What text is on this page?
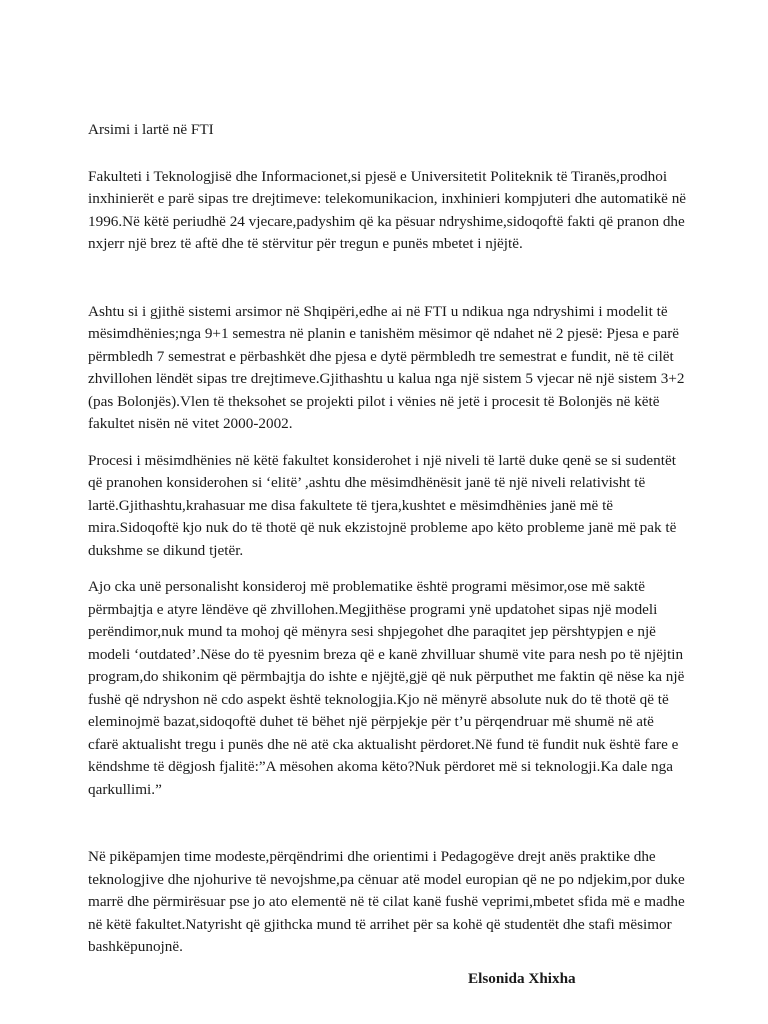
Arsimi i lartë në FTI

Fakulteti i Teknologjisë dhe Informacionet,si pjesë e Universitetit Politeknik të Tiranës,prodhoi inxhinierët e parë sipas tre drejtimeve: telekomunikacion, inxhinieri kompjuteri dhe automatikë në 1996.Në këtë periudhë 24 vjecare,padyshim që ka pësuar ndryshime,sidoqoftë fakti që pranon dhe nxjerr një brez të aftë dhe të stërvitur për tregun e punës mbetet i njëjtë.

Ashtu si i gjithë sistemi arsimor në Shqipëri,edhe ai në FTI u ndikua nga ndryshimi i modelit të mësimdhënies;nga 9+1 semestra në planin e tanishëm mësimor që ndahet në 2 pjesë: Pjesa e parë përmbledh 7 semestrat e përbashkët dhe pjesa e dytë përmbledh tre semestrat e fundit, në të cilët zhvillohen lëndët sipas tre drejtimeve.Gjithashtu u kalua nga një sistem 5 vjecar në një sistem 3+2 (pas Bolonjës).Vlen të theksohet se projekti pilot i vënies në jetë i procesit të Bolonjës në këtë fakultet nisën në vitet 2000-2002.

Procesi i mësimdhënies në këtë fakultet konsiderohet i një niveli të lartë duke qenë se si sudentët që pranohen konsiderohen si ‘elitë’ ,ashtu dhe mësimdhënësit janë të një niveli relativisht të lartë.Gjithashtu,krahasuar me disa fakultete të tjera,kushtet e mësimdhënies janë më të mira.Sidoqoftë kjo nuk do të thotë që nuk ekzistojnë probleme apo këto probleme janë më pak të dukshme se dikund tjetër.

Ajo cka unë personalisht konsideroj më problematike është programi mësimor,ose më saktë përmbajtja e atyre lëndëve që zhvillohen.Megjithëse programi ynë updatohet sipas një modeli perëndimor,nuk mund ta mohoj që mënyra sesi shpjegohet dhe paraqitet jep përshtypjen e një modeli ‘outdated’.Nëse do të pyesnim breza që e kanë zhvilluar shumë vite para nesh po të njëjtin program,do shikonim që përmbajtja do ishte e njëjtë,gjë që nuk përputhet me faktin që nëse ka një fushë që ndryshon në cdo aspekt është teknologjia.Kjo në mënyrë absolute nuk do të thotë që të eleminojmë bazat,sidoqoftë duhet të bëhet një përpjekje për t’u përqendruar më shumë në atë cfarë aktualisht tregu i punës dhe në atë cka aktualisht përdoret.Në fund të fundit nuk është fare e këndshme të dëgjosh fjalitë:”A mësohen akoma këto?Nuk përdoret më si teknologji.Ka dale nga qarkullimi.”

Në pikëpamjen time modeste,përqëndrimi dhe orientimi i Pedagogëve drejt anës praktike dhe teknologjive dhe njohurive të nevojshme,pa cënuar atë model europian që ne po ndjekim,por duke marrë dhe përmirësuar pse jo ato elementë në të cilat kanë fushë veprimi,mbetet sfida më e madhe në këtë fakultet.Natyrisht që gjithcka mund të arrihet për sa kohë që studentët dhe stafi mësimor bashkëpunojnë.

Elsonida Xhixha
